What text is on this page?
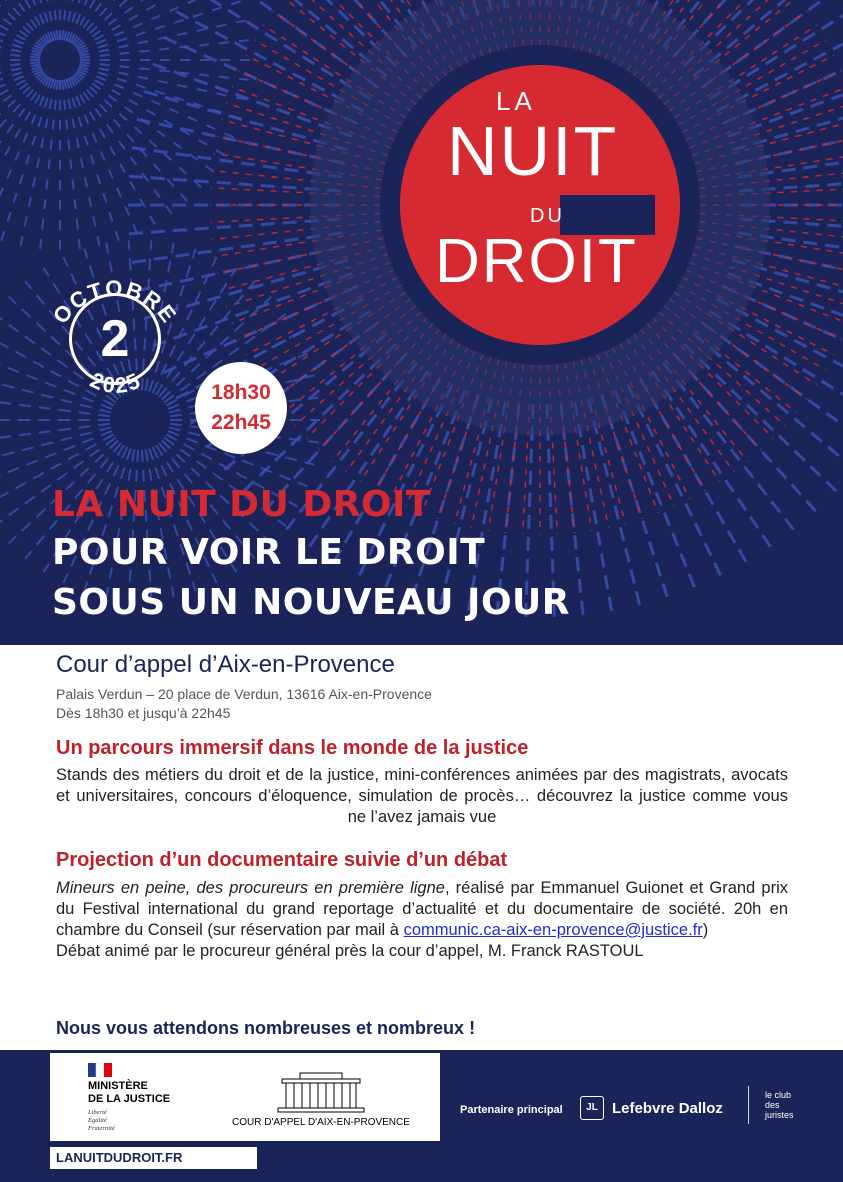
LA
NUIT
DU
DROIT
OCTOBRE
2025
2
18h30
22h45
LA NUIT DU DROIT
POUR VOIR LE DROIT
SOUS UN NOUVEAU JOUR
Cour d’appel d’Aix-en-Provence
Palais Verdun – 20 place de Verdun, 13616 Aix-en-Provence
Dès 18h30 et jusqu’à 22h45
Un parcours immersif dans le monde de la justice
Stands des métiers du droit et de la justice, mini-conférences animées par des magistrats, avocats et universitaires, concours d’éloquence, simulation de procès… découvrez la justice comme vous ne l’avez jamais vue
Projection d’un documentaire suivie d’un débat
Mineurs en peine, des procureurs en première ligne, réalisé par Emmanuel Guionet et Grand prix du Festival international du grand reportage d’actualité et du documentaire de société. 20h en chambre du Conseil (sur réservation par mail à communic.ca-aix-en-provence@justice.fr)
Débat animé par le procureur général près la cour d’appel, M. Franck RASTOUL
Nous vous attendons nombreuses et nombreux !
MINISTÈRE
DE LA JUSTICE
Liberté
Égalité
Fraternité
COUR D'APPEL D'AIX-EN-PROVENCE
LANUITDUDROIT.FR
Partenaire principal	JL Lefebvre Dalloz
le club
des
juristes
